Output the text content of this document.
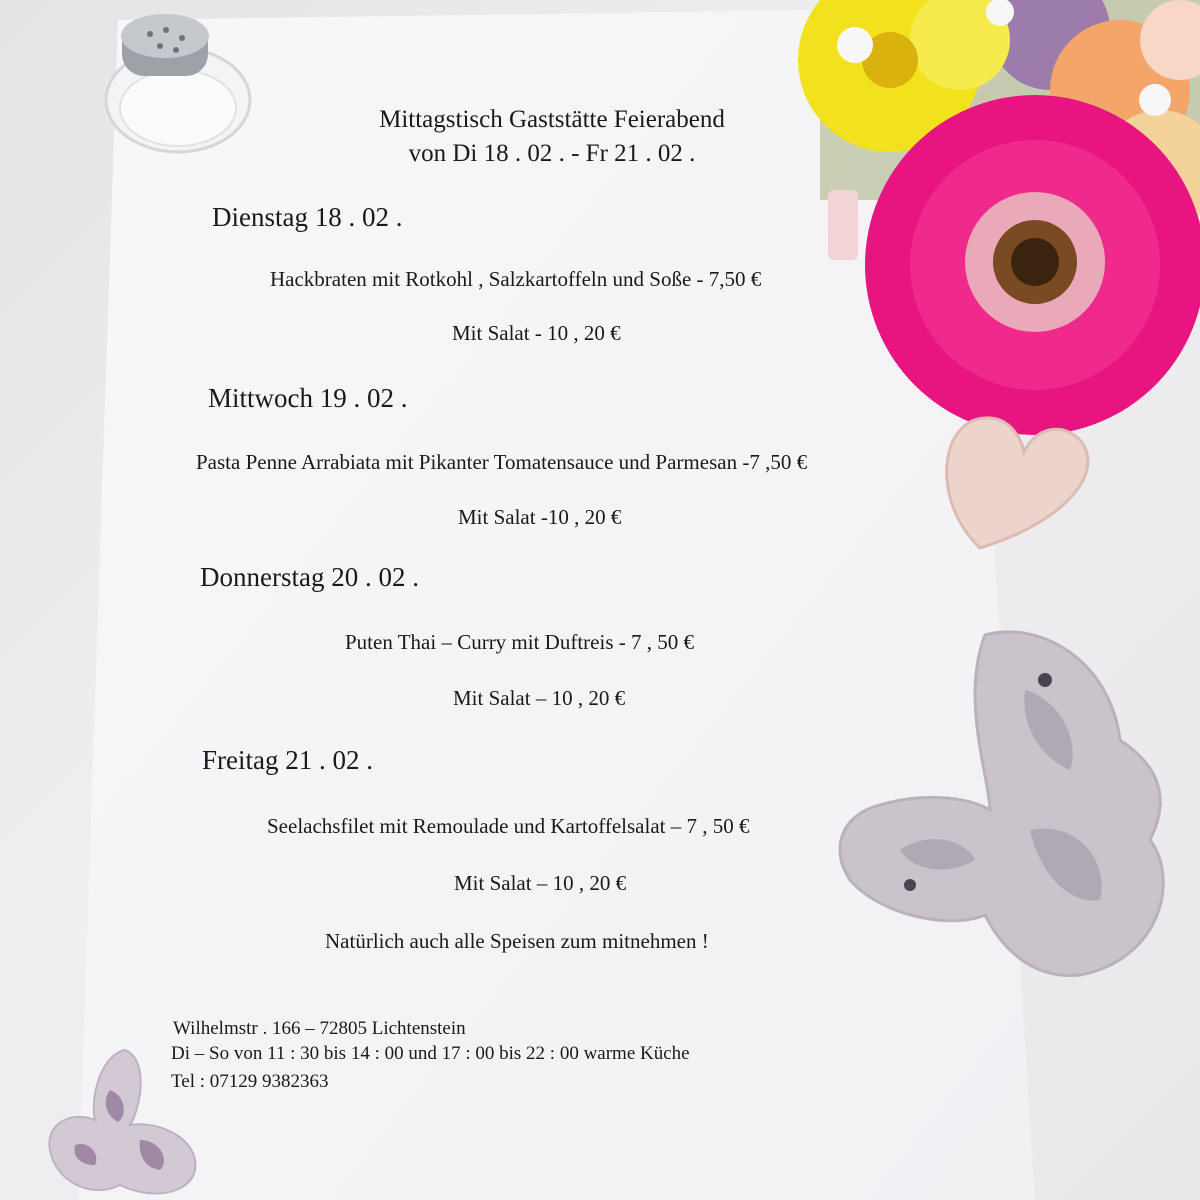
Mittagstisch Gaststätte Feierabend
von Di 18 . 02 . - Fr 21 . 02 .
Dienstag 18 . 02 .
Hackbraten mit Rotkohl , Salzkartoffeln und Soße - 7,50 €
Mit Salat - 10 , 20 €
Mittwoch 19 . 02 .
Pasta Penne Arrabiata mit Pikanter Tomatensauce und Parmesan -7 ,50 €
Mit Salat -10 , 20 €
Donnerstag 20 . 02 .
Puten Thai – Curry mit Duftreis - 7 , 50 €
Mit Salat – 10 , 20 €
Freitag 21 . 02 .
Seelachsfilet mit Remoulade und Kartoffelsalat – 7 , 50 €
Mit Salat – 10 , 20 €
Natürlich auch alle Speisen zum mitnehmen !
Wilhelmstr . 166 – 72805 Lichtenstein
Di – So von 11 : 30 bis 14 : 00 und 17 : 00 bis 22 : 00 warme Küche
Tel : 07129 9382363
